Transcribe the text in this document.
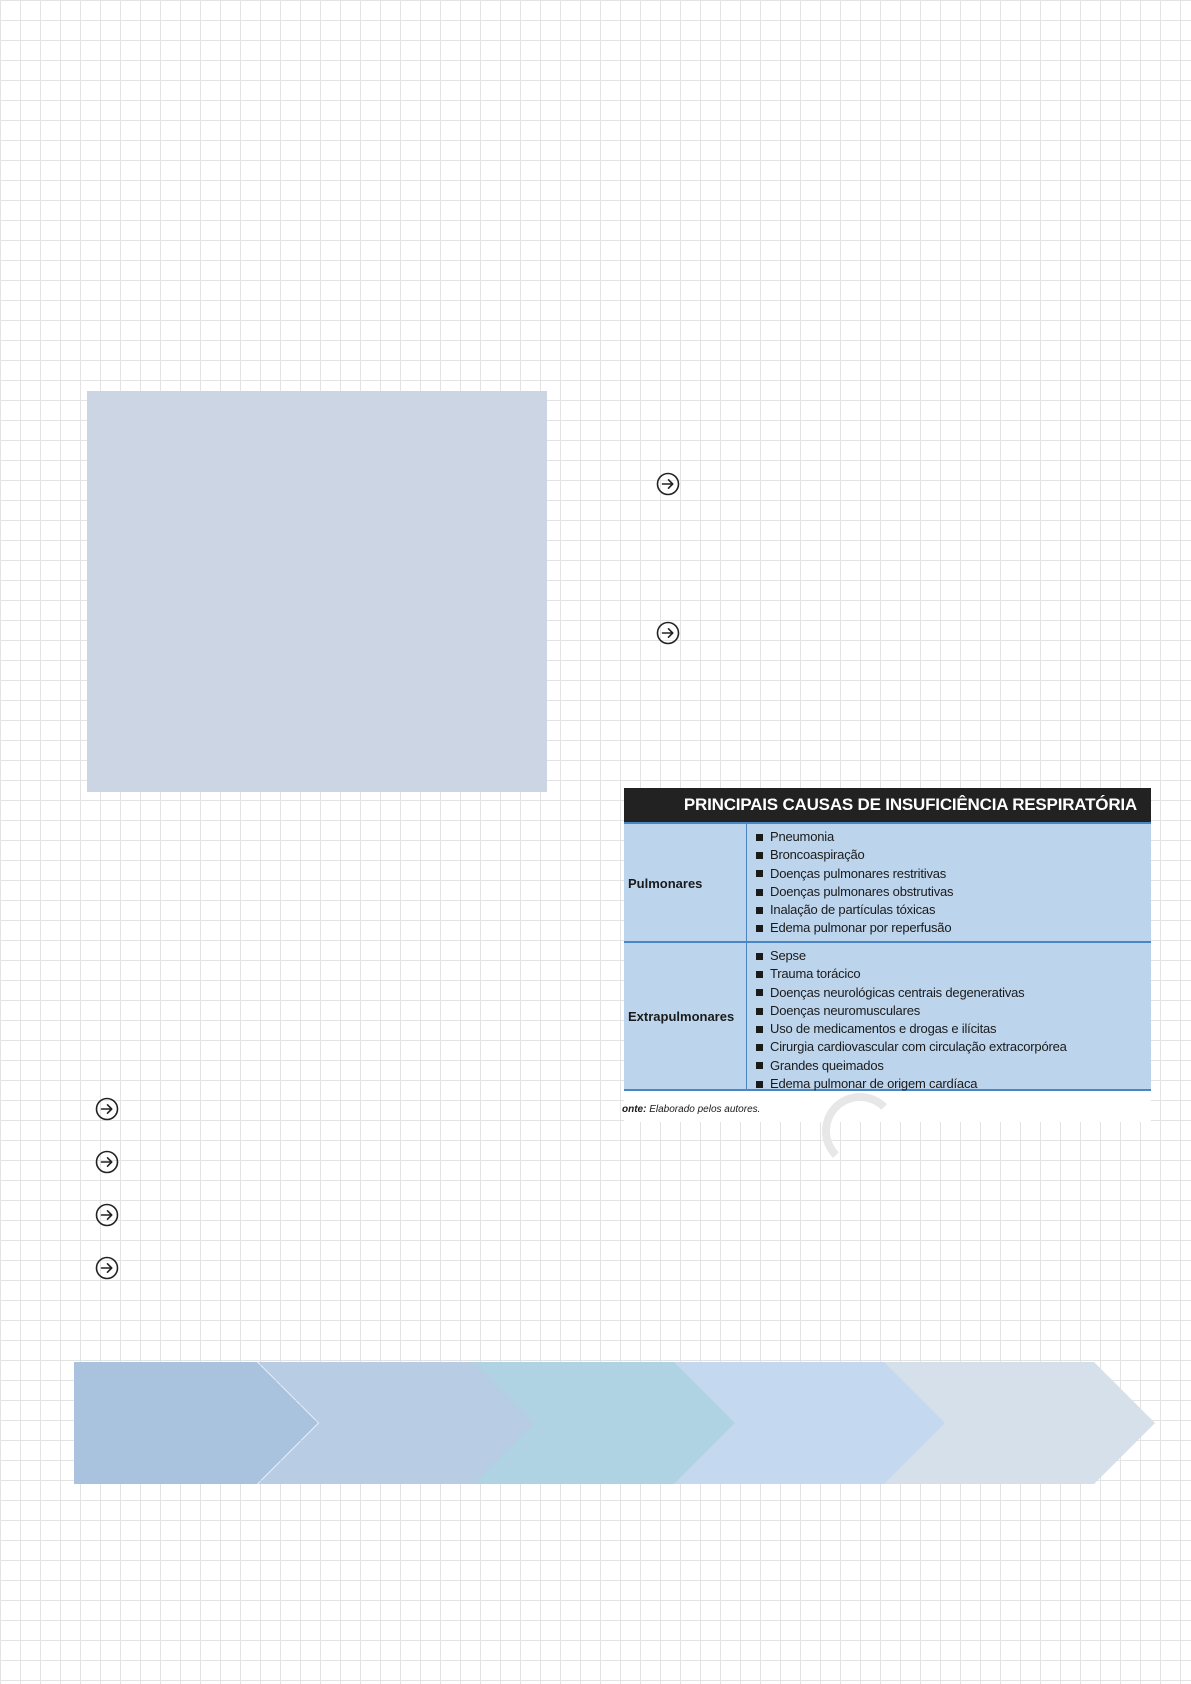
PRINCIPAIS CAUSAS DE INSUFICIÊNCIA RESPIRATÓRIA
Pulmonares
Pneumonia
Broncoaspiração
Doenças pulmonares restritivas
Doenças pulmonares obstrutivas
Inalação de partículas tóxicas
Edema pulmonar por reperfusão
Extrapulmonares
Sepse
Trauma torácico
Doenças neurológicas centrais degenerativas
Doenças neuromusculares
Uso de medicamentos e drogas e ilícitas
Cirurgia cardiovascular com circulação extracorpórea
Grandes queimados
Edema pulmonar de origem cardíaca
onte: Elaborado pelos autores.
